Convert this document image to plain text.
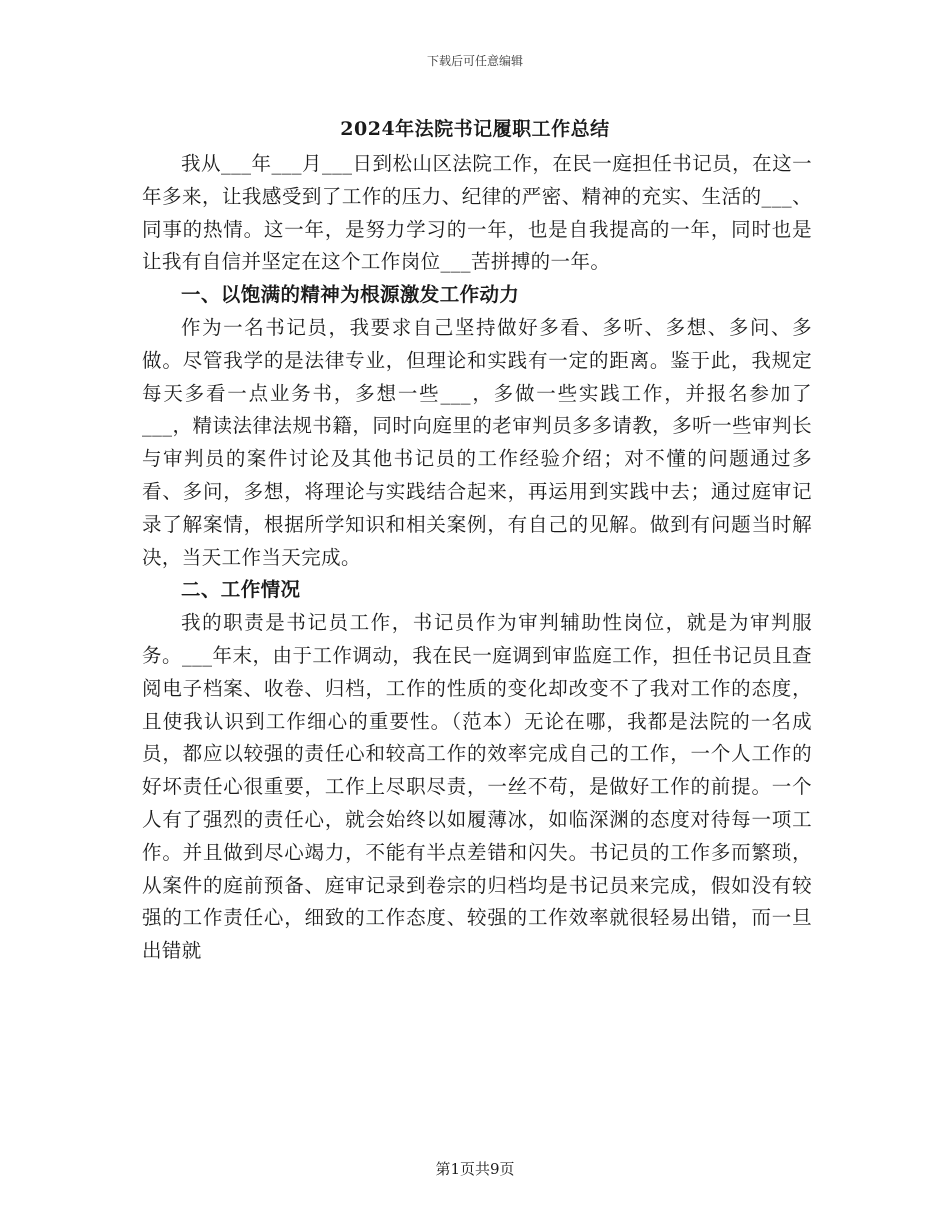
下载后可任意编辑
2024年法院书记履职工作总结

我从___年___月___日到松山区法院工作，在民一庭担任书记员，在这一年多来，让我感受到了工作的压力、纪律的严密、精神的充实、生活的___、同事的热情。这一年，是努力学习的一年，也是自我提高的一年，同时也是让我有自信并坚定在这个工作岗位___苦拼搏的一年。

一、以饱满的精神为根源激发工作动力

作为一名书记员，我要求自己坚持做好多看、多听、多想、多问、多做。尽管我学的是法律专业，但理论和实践有一定的距离。鉴于此，我规定每天多看一点业务书，多想一些___，多做一些实践工作，并报名参加了___，精读法律法规书籍，同时向庭里的老审判员多多请教，多听一些审判长与审判员的案件讨论及其他书记员的工作经验介绍；对不懂的问题通过多看、多问，多想，将理论与实践结合起来，再运用到实践中去；通过庭审记录了解案情，根据所学知识和相关案例，有自己的见解。做到有问题当时解决，当天工作当天完成。

二、工作情况

我的职责是书记员工作，书记员作为审判辅助性岗位，就是为审判服务。___年末，由于工作调动，我在民一庭调到审监庭工作，担任书记员且查阅电子档案、收卷、归档，工作的性质的变化却改变不了我对工作的态度，且使我认识到工作细心的重要性。（范本）无论在哪，我都是法院的一名成员，都应以较强的责任心和较高工作的效率完成自己的工作，一个人工作的好坏责任心很重要，工作上尽职尽责，一丝不苟，是做好工作的前提。一个人有了强烈的责任心，就会始终以如履薄冰，如临深渊的态度对待每一项工作。并且做到尽心竭力，不能有半点差错和闪失。书记员的工作多而繁琐，从案件的庭前预备、庭审记录到卷宗的归档均是书记员来完成，假如没有较强的工作责任心，细致的工作态度、较强的工作效率就很轻易出错，而一旦出错就

第1页共9页
